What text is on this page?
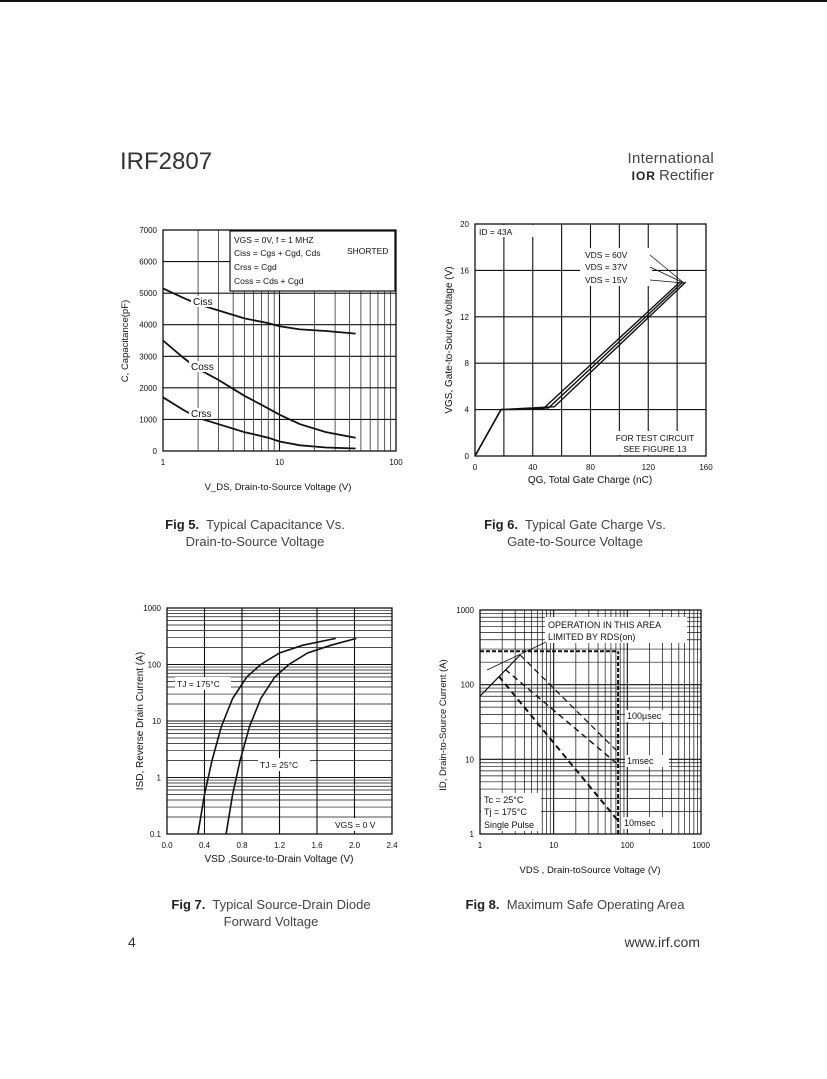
IRF2807	International
IOR Rectifier
1	10	100
0
1000
2000
3000
4000
5000
6000
7000
VGS = 0V, f = 1 MHZ
Ciss = Cgs + Cgd, Cds	SHORTED
Crss = Cgd
Coss = Cds + Cgd
Ciss
Coss
Crss
V_DS, Drain-to-Source Voltage (V)
C, Capacitance(pF)
0	40	80	120	160
0
4
8
12
16
20
ID = 43A
VDS = 60V
VDS = 37V
VDS = 15V
FOR TEST CIRCUIT
SEE FIGURE 13
QG, Total Gate Charge (nC)
VGS, Gate-to-Source Voltage (V)
0.0	0.4	0.8	1.2	1.6	2.0	2.4
0.1
1
10
100
1000
TJ = 175°C
TJ = 25°C
VGS = 0 V
VSD ,Source-to-Drain Voltage (V)
ISD, Reverse Drain Current (A)
1	10	100	1000
1
10
100
1000
OPERATION IN THIS AREA
LIMITED BY RDS(on)
100µsec
1msec
10msec
Tc = 25°C
Tj = 175°C
Single Pulse
VDS , Drain-toSource Voltage (V)
ID, Drain-to-Source Current (A)
Fig 5. Typical Capacitance Vs.
Drain-to-Source Voltage
Fig 6. Typical Gate Charge Vs.
Gate-to-Source Voltage
Fig 7. Typical Source-Drain Diode
Forward Voltage
Fig 8. Maximum Safe Operating Area
4	www.irf.com
